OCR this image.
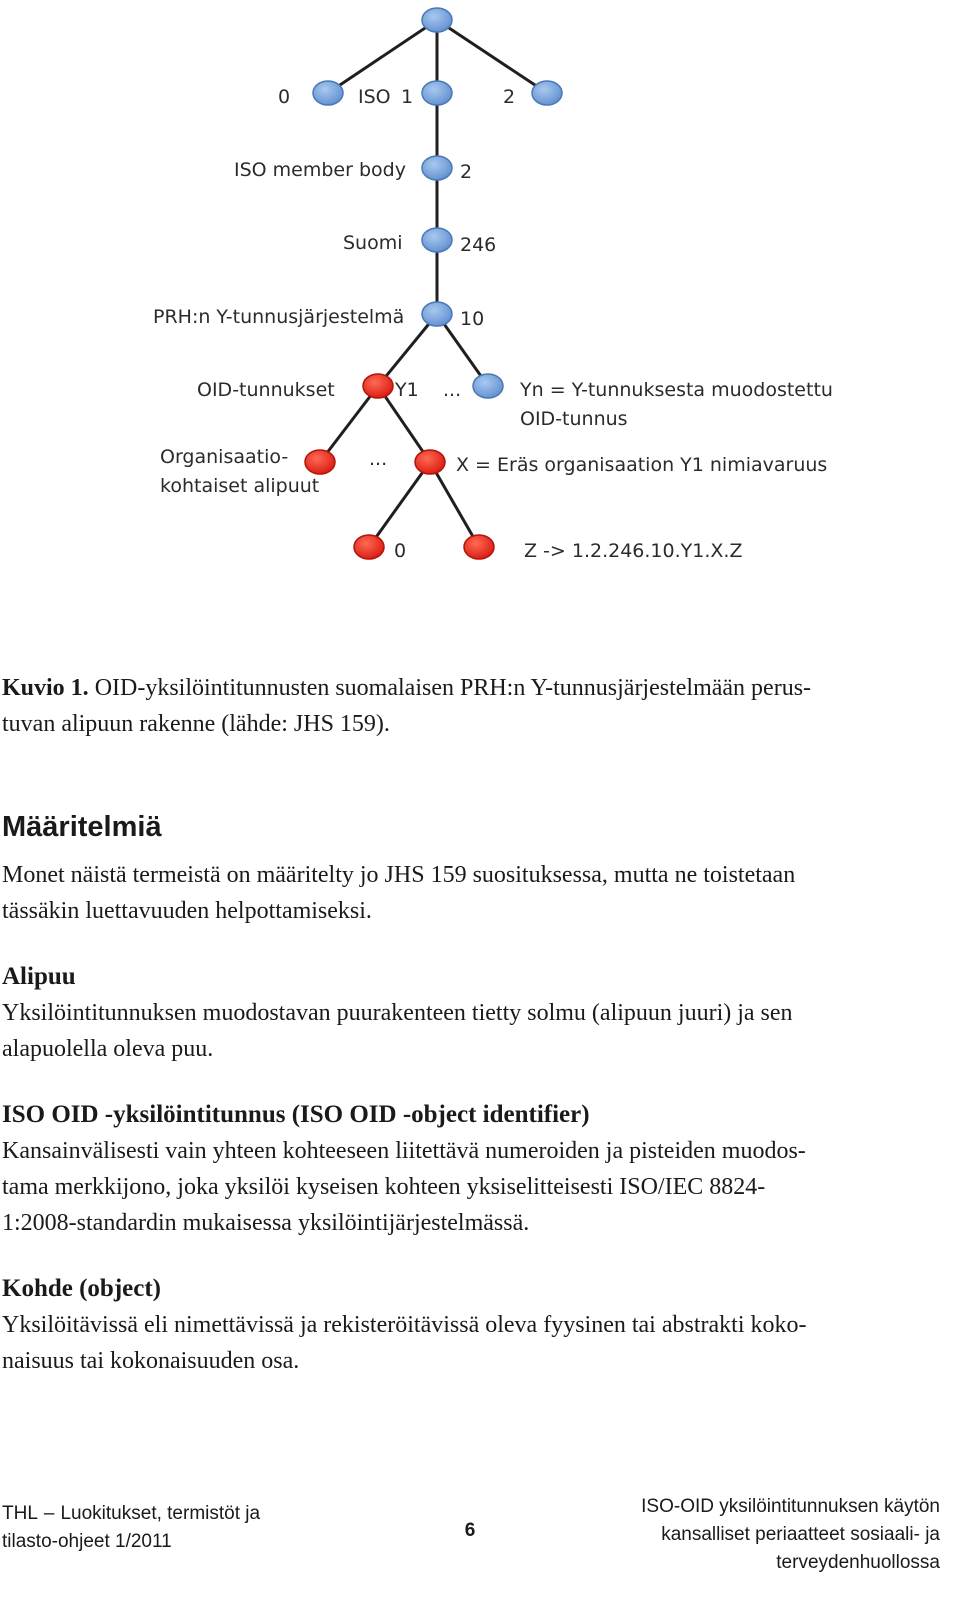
0	ISO 1	2
ISO member body	2
Suomi	246
PRH:n Y-tunnusjärjestelmä	10
OID-tunnukset	Y1 ...	Yn = Y-tunnuksesta muodostettu
OID-tunnus
Organisaatio-
kohtaiset alipuut
...	X = Eräs organisaation Y1 nimiavaruus
0	Z -> 1.2.246.10.Y1.X.Z
Kuvio 1. OID-yksilöintitunnusten suomalaisen PRH:n Y-tunnusjärjestelmään perus-
tuvan alipuun rakenne (lähde: JHS 159).
Määritelmiä

Monet näistä termeistä on määritelty jo JHS 159 suosituksessa, mutta ne toistetaan
tässäkin luettavuuden helpottamiseksi.

Alipuu

Yksilöintitunnuksen muodostavan puurakenteen tietty solmu (alipuun juuri) ja sen
alapuolella oleva puu.

ISO OID -yksilöintitunnus (ISO OID -object identifier)

Kansainvälisesti vain yhteen kohteeseen liitettävä numeroiden ja pisteiden muodos-
tama merkkijono, joka yksilöi kyseisen kohteen yksiselitteisesti ISO/IEC 8824-
1:2008-standardin mukaisessa yksilöintijärjestelmässä.

Kohde (object)

Yksilöitävissä eli nimettävissä ja rekisteröitävissä oleva fyysinen tai abstrakti koko-
naisuus tai kokonaisuuden osa.

THL – Luokitukset, termistöt ja
tilasto-ohjeet 1/2011
6
ISO-OID yksilöintitunnuksen käytön
kansalliset periaatteet sosiaali- ja
terveydenhuollossa
